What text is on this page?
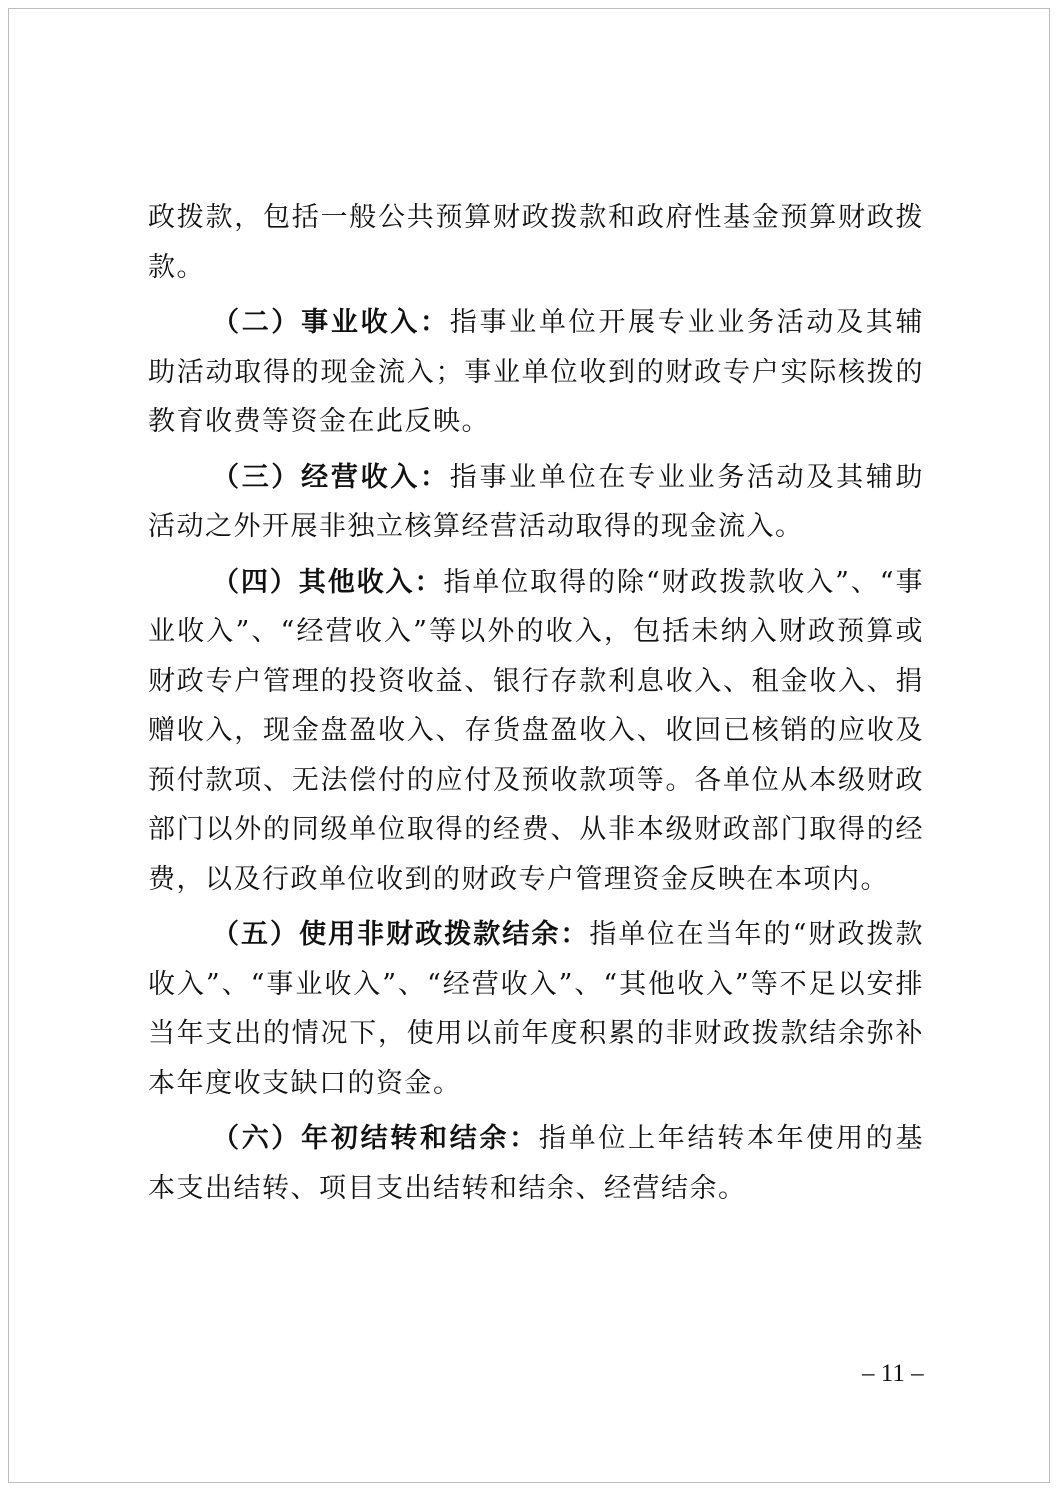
政拨款，包括一般公共预算财政拨款和政府性基金预算财政拨款。

（二）事业收入：指事业单位开展专业业务活动及其辅助活动取得的现金流入；事业单位收到的财政专户实际核拨的教育收费等资金在此反映。

（三）经营收入：指事业单位在专业业务活动及其辅助活动之外开展非独立核算经营活动取得的现金流入。

（四）其他收入：指单位取得的除“财政拨款收入”、“事业收入”、“经营收入”等以外的收入，包括未纳入财政预算或财政专户管理的投资收益、银行存款利息收入、租金收入、捐赠收入，现金盘盈收入、存货盘盈收入、收回已核销的应收及预付款项、无法偿付的应付及预收款项等。各单位从本级财政部门以外的同级单位取得的经费、从非本级财政部门取得的经费，以及行政单位收到的财政专户管理资金反映在本项内。

（五）使用非财政拨款结余：指单位在当年的“财政拨款收入”、“事业收入”、“经营收入”、“其他收入”等不足以安排当年支出的情况下，使用以前年度积累的非财政拨款结余弥补本年度收支缺口的资金。

（六）年初结转和结余：指单位上年结转本年使用的基本支出结转、项目支出结转和结余、经营结余。

– 11 –
